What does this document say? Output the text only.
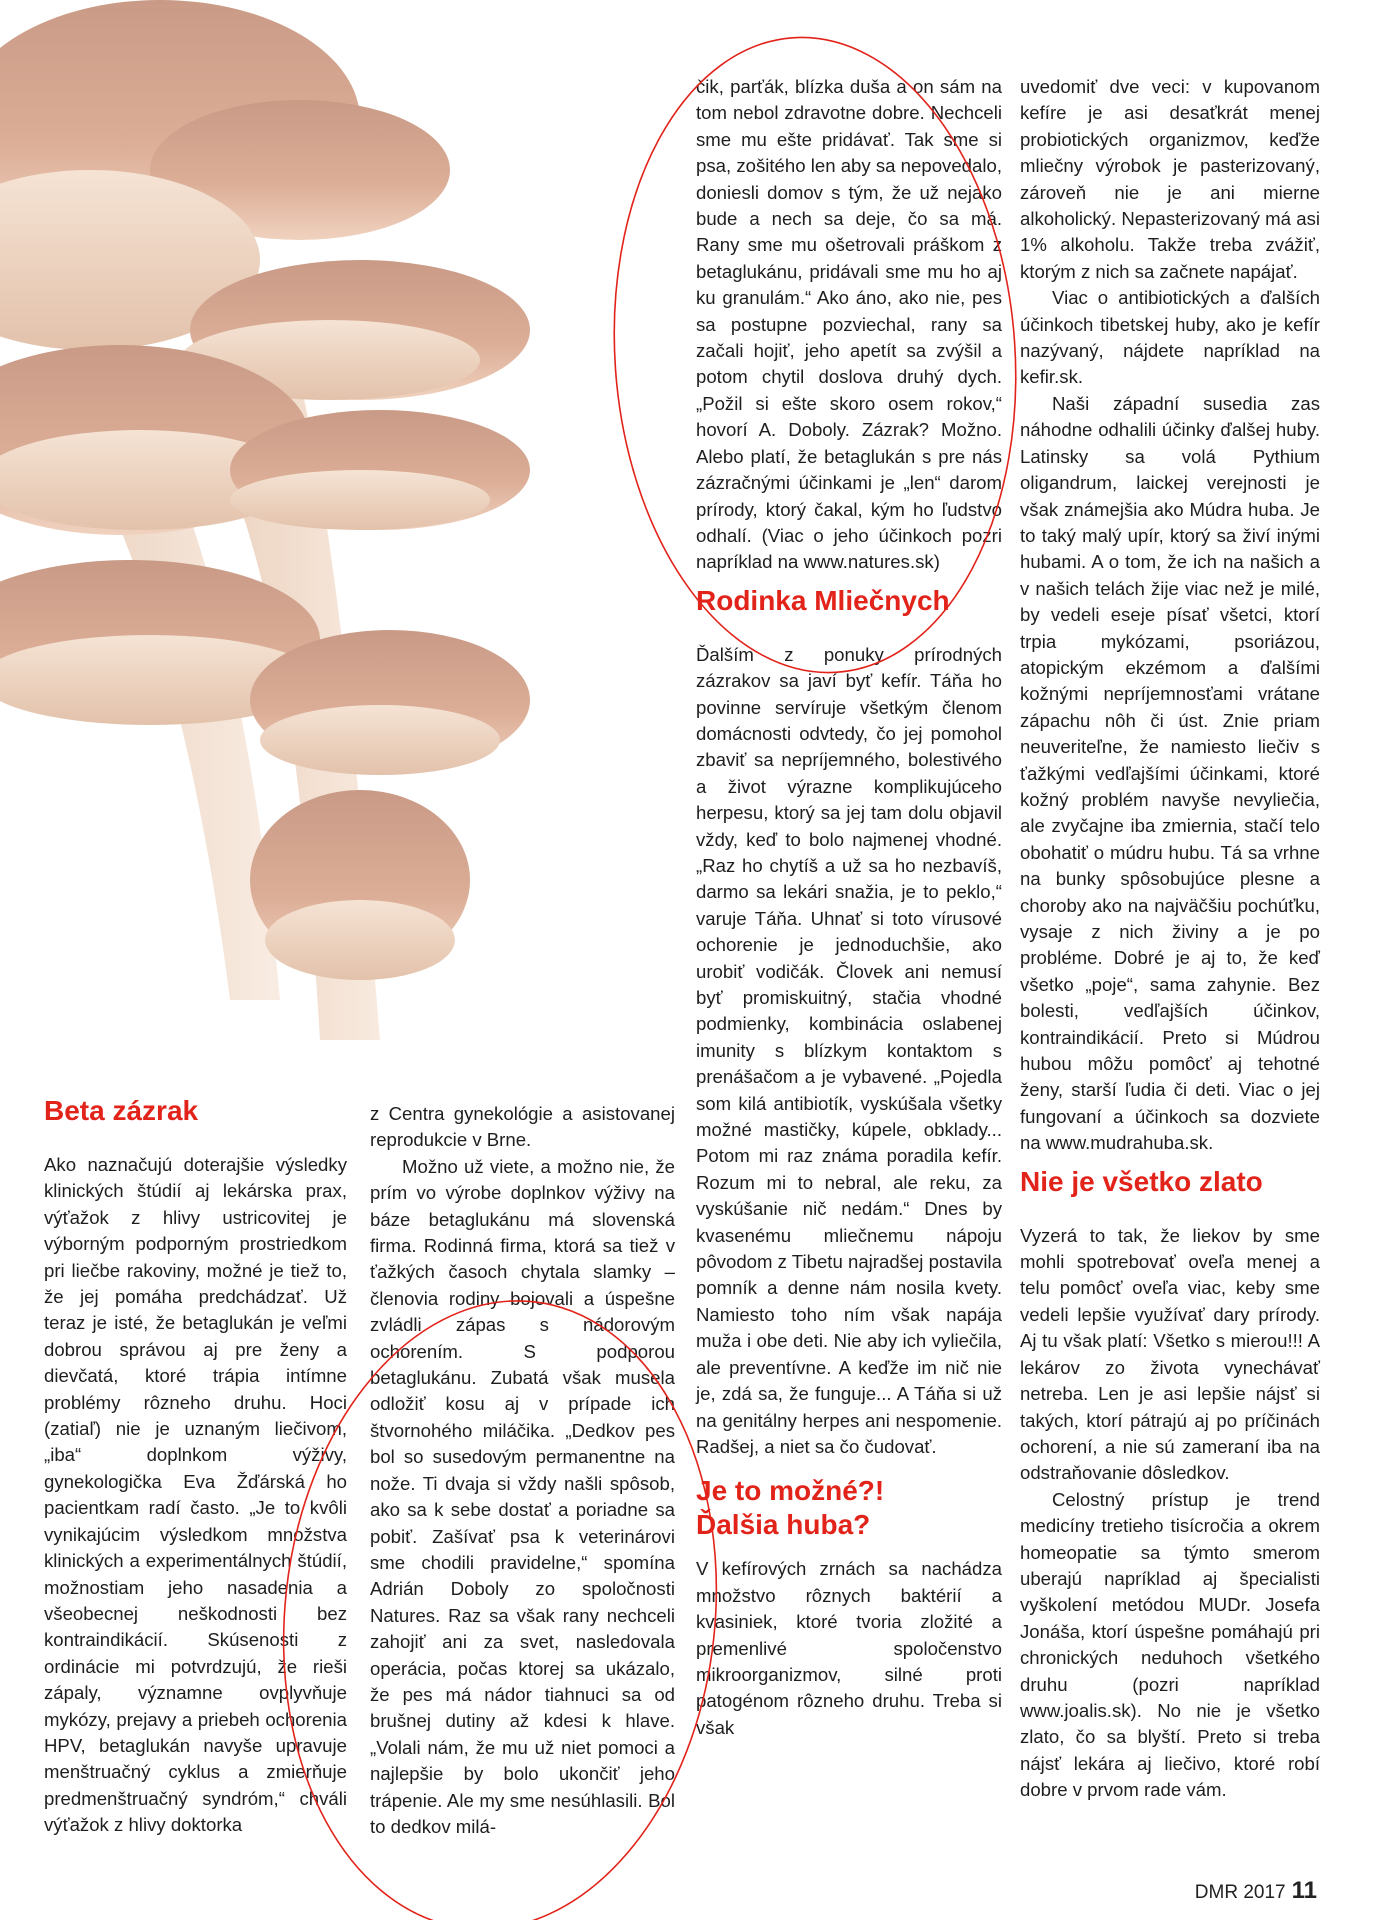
Beta zázrak

Ako naznačujú doterajšie výsledky klinických štúdií aj lekárska prax, výťažok z hlivy ustricovitej je výborným podporným prostriedkom pri liečbe rakoviny, možné je tiež to, že jej pomáha predchádzať. Už teraz je isté, že betaglukán je veľmi dobrou správou aj pre ženy a dievčatá, ktoré trápia intímne problémy rôzneho druhu. Hoci (zatiaľ) nie je uznaným liečivom, „iba“ doplnkom výživy, gynekologička Eva Žďárská ho pacientkam radí často. „Je to kvôli vynikajúcim výsledkom množstva klinických a experimentálnych štúdií, možnostiam jeho nasadenia a všeobecnej neškodnosti bez kontraindikácií. Skúsenosti z ordinácie mi potvrdzujú, že rieši zápaly, významne ovplyvňuje mykózy, prejavy a priebeh ochorenia HPV, betaglukán navyše upravuje menštruačný cyklus a zmierňuje predmenštruačný syndróm,“ chváli výťažok z hlivy doktorka

z Centra gynekológie a asistovanej reprodukcie v Brne.

Možno už viete, a možno nie, že prím vo výrobe doplnkov výživy na báze betaglukánu má slovenská firma. Rodinná firma, ktorá sa tiež v ťažkých časoch chytala slamky – členovia rodiny bojovali a úspešne zvládli zápas s nádorovým ochorením. S podporou betaglukánu. Zubatá však musela odložiť kosu aj v prípade ich štvornohého miláčika. „Dedkov pes bol so susedovým permanentne na nože. Ti dvaja si vždy našli spôsob, ako sa k sebe dostať a poriadne sa pobiť. Zašívať psa k veterinárovi sme chodili pravidelne,“ spomína Adrián Doboly zo spoločnosti Natures. Raz sa však rany nechceli zahojiť ani za svet, nasledovala operácia, počas ktorej sa ukázalo, že pes má nádor tiahnuci sa od brušnej dutiny až kdesi k hlave. „Volali nám, že mu už niet pomoci a najlepšie by bolo ukončiť jeho trápenie. Ale my sme nesúhlasili. Bol to dedkov milá-

čik, parťák, blízka duša a on sám na tom nebol zdravotne dobre. Nechceli sme mu ešte pridávať. Tak sme si psa, zošitého len aby sa nepovedalo, doniesli domov s tým, že už nejako bude a nech sa deje, čo sa má. Rany sme mu ošetrovali práškom z betaglukánu, pridávali sme mu ho aj ku granulám.“ Ako áno, ako nie, pes sa postupne pozviechal, rany sa začali hojiť, jeho apetít sa zvýšil a potom chytil doslova druhý dych. „Požil si ešte skoro osem rokov,“ hovorí A. Doboly. Zázrak? Možno. Alebo platí, že betaglukán s pre nás zázračnými účinkami je „len“ darom prírody, ktorý čakal, kým ho ľudstvo odhalí. (Viac o jeho účinkoch pozri napríklad na www.natures.sk)

Rodinka Mliečnych

Ďalším z ponuky prírodných zázrakov sa javí byť kefír. Táňa ho povinne servíruje všetkým členom domácnosti odvtedy, čo jej pomohol zbaviť sa nepríjemného, bolestivého a život výrazne komplikujúceho herpesu, ktorý sa jej tam dolu objavil vždy, keď to bolo najmenej vhodné. „Raz ho chytíš a už sa ho nezbavíš, darmo sa lekári snažia, je to peklo,“ varuje Táňa. Uhnať si toto vírusové ochorenie je jednoduchšie, ako urobiť vodičák. Človek ani nemusí byť promiskuitný, stačia vhodné podmienky, kombinácia oslabenej imunity s blízkym kontaktom s prenášačom a je vybavené. „Pojedla som kilá antibiotík, vyskúšala všetky možné mastičky, kúpele, obklady... Potom mi raz známa poradila kefír. Rozum mi to nebral, ale reku, za vyskúšanie nič nedám.“ Dnes by kvasenému mliečnemu nápoju pôvodom z Tibetu najradšej postavila pomník a denne nám nosila kvety. Namiesto toho ním však napája muža i obe deti. Nie aby ich vyliečila, ale preventívne. A keďže im nič nie je, zdá sa, že funguje... A Táňa si už na genitálny herpes ani nespomenie. Radšej, a niet sa čo čudovať.

Je to možné?!
Ďalšia huba?

V kefírových zrnách sa nachádza množstvo rôznych baktérií a kvasiniek, ktoré tvoria zložité a premenlivé spoločenstvo mikroorganizmov, silné proti patogénom rôzneho druhu. Treba si však

uvedomiť dve veci: v kupovanom kefíre je asi desaťkrát menej probiotických organizmov, keďže mliečny výrobok je pasterizovaný, zároveň nie je ani mierne alkoholický. Nepasterizovaný má asi 1% alkoholu. Takže treba zvážiť, ktorým z nich sa začnete napájať.

Viac o antibiotických a ďalších účinkoch tibetskej huby, ako je kefír nazývaný, nájdete napríklad na kefir.sk.

Naši západní susedia zas náhodne odhalili účinky ďalšej huby. Latinsky sa volá Pythium oligandrum, laickej verejnosti je však známejšia ako Múdra huba. Je to taký malý upír, ktorý sa živí inými hubami. A o tom, že ich na našich a v našich telách žije viac než je milé, by vedeli eseje písať všetci, ktorí trpia mykózami, psoriázou, atopickým ekzémom a ďalšími kožnými nepríjemnosťami vrátane zápachu nôh či úst. Znie priam neuveriteľne, že namiesto liečiv s ťažkými vedľajšími účinkami, ktoré kožný problém navyše nevyliečia, ale zvyčajne iba zmiernia, stačí telo obohatiť o múdru hubu. Tá sa vrhne na bunky spôsobujúce plesne a choroby ako na najväčšiu pochúťku, vysaje z nich živiny a je po probléme. Dobré je aj to, že keď všetko „poje“, sama zahynie. Bez bolesti, vedľajších účinkov, kontraindikácií. Preto si Múdrou hubou môžu pomôcť aj tehotné ženy, starší ľudia či deti. Viac o jej fungovaní a účinkoch sa dozviete na www.mudrahuba.sk.

Nie je všetko zlato

Vyzerá to tak, že liekov by sme mohli spotrebovať oveľa menej a telu pomôcť oveľa viac, keby sme vedeli lepšie využívať dary prírody. Aj tu však platí: Všetko s mierou!!! A lekárov zo života vynechávať netreba. Len je asi lepšie nájsť si takých, ktorí pátrajú aj po príčinách ochorení, a nie sú zameraní iba na odstraňovanie dôsledkov.

Celostný prístup je trend medicíny tretieho tisícročia a okrem homeopatie sa týmto smerom uberajú napríklad aj špecialisti vyškolení metódou MUDr. Josefa Jonáša, ktorí úspešne pomáhajú pri chronických neduhoch všetkého druhu (pozri napríklad www.joalis.sk). No nie je všetko zlato, čo sa blyští. Preto si treba nájsť lekára aj liečivo, ktoré robí dobre v prvom rade vám.

DMR 2017 11
